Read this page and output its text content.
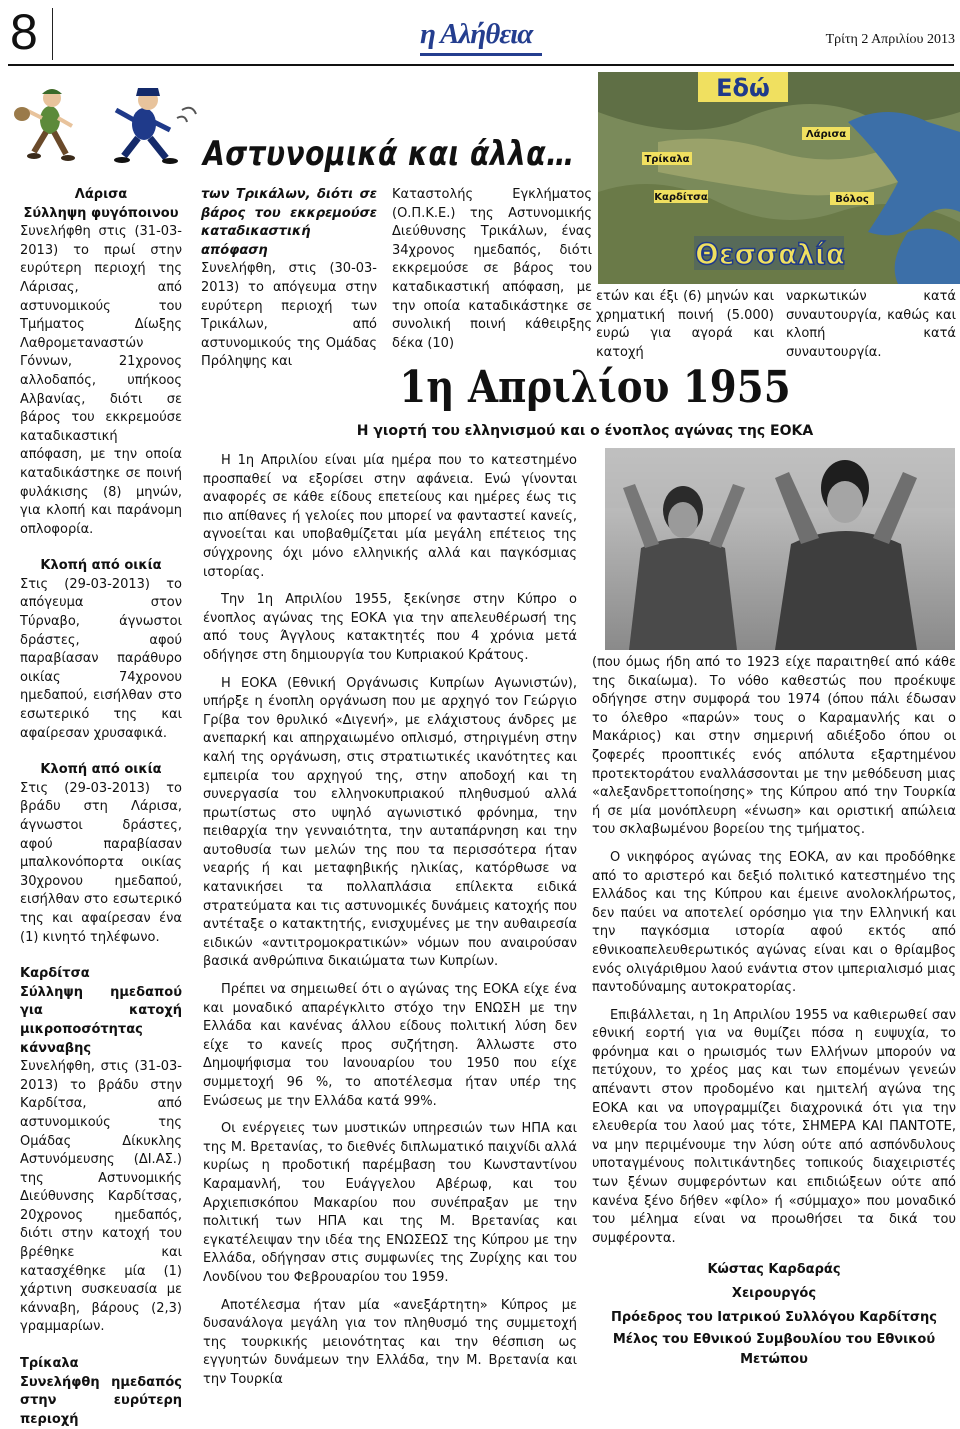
8	η Αλήθεια	Τρίτη 2 Απριλίου 2013
Αστυνομικά και άλλα…
Εδώ
Τρίκαλα
Λάρισα
Καρδίτσα	Βόλος
Θεσσαλία

Λάρισα

Σύλληψη φυγόποινου

Συνελήφθη στις (31-03-2013) το πρωί στην ευρύτερη περιοχή της Λάρισας, από αστυνομικούς του Τμήματος Δίωξης Λαθρομεταναστών Γόννων, 21χρονος αλλοδαπός, υπήκοος Αλβανίας, διότι σε βάρος του εκκρεμούσε καταδικαστική απόφαση, με την οποία καταδικάστηκε σε ποινή φυλάκισης (8) μηνών, για κλοπή και παράνομη οπλοφορία.

Κλοπή από οικία

Στις (29-03-2013) το απόγευμα στον Τύρναβο, άγνωστοι δράστες, αφού παραβίασαν παράθυρο οικίας 74χρονου ημεδαπού, εισήλθαν στο εσωτερικό της και αφαίρεσαν χρυσαφικά.

Κλοπή από οικία

Στις (29-03-2013) το βράδυ στη Λάρισα, άγνωστοι δράστες, αφού παραβίασαν μπαλκονόπορτα οικίας 30χρονου ημεδαπού, εισήλθαν στο εσωτερικό της και αφαίρεσαν ένα (1) κινητό τηλέφωνο.

Καρδίτσα

Σύλληψη ημεδαπού για κατοχή μικροποσότητας κάνναβης

Συνελήφθη, στις (31-03-2013) το βράδυ στην Καρδίτσα, από αστυνομικούς της Ομάδας Δίκυκλης Αστυνόμευσης (ΔΙ.ΑΣ.) της Αστυνομικής Διεύθυνσης Καρδίτσας, 20χρονος ημεδαπός, διότι στην κατοχή του βρέθηκε και κατασχέθηκε μία (1) χάρτινη συσκευασία με κάνναβη, βάρους (2,3) γραμμαρίων.

Τρίκαλα

Συνελήφθη ημεδαπός στην ευρύτερη περιοχή

των Τρικάλων, διότι σε βάρος του εκκρεμούσε καταδικαστική απόφαση

Συνελήφθη, στις (30-03-2013) το απόγευμα στην ευρύτερη περιοχή των Τρικάλων, από αστυνομικούς της Ομάδας Πρόληψης και

Καταστολής Εγκλήματος (Ο.Π.Κ.Ε.) της Αστυνομικής Διεύθυνσης Τρικάλων, ένας 34χρονος ημεδαπός, διότι εκκρεμούσε σε βάρος του καταδικαστική απόφαση, με την οποία καταδικάστηκε σε συνολική ποινή κάθειρξης δέκα (10)

ετών και έξι (6) μηνών και χρηματική ποινή (5.000) ευρώ για αγορά και κατοχή

ναρκωτικών κατά συναυτουργία, καθώς και κλοπή κατά συναυτουργία.

1η Απριλίου 1955
Η γιορτή του ελληνισμού και ο ένοπλος αγώνας της ΕΟΚΑ

Η 1η Απριλίου είναι μία ημέρα που το κατεστημένο προσπαθεί να εξορίσει στην αφάνεια. Ενώ γίνονται αναφορές σε κάθε είδους επετείους και ημέρες έως τις πιο απίθανες ή γελοίες που μπορεί να φανταστεί κανείς, αγνοείται και υποβαθμίζεται μία μεγάλη επέτειος της σύγχρονης όχι μόνο ελληνικής αλλά και παγκόσμιας ιστορίας.

Την 1η Απριλίου 1955, ξεκίνησε στην Κύπρο ο ένοπλος αγώνας της ΕΟΚΑ για την απελευθέρωσή της από τους Άγγλους κατακτητές που 4 χρόνια μετά οδήγησε στη δημιουργία του Κυπριακού Κράτους.

Η ΕΟΚΑ (Εθνική Οργάνωσις Κυπρίων Αγωνιστών), υπήρξε η ένοπλη οργάνωση που με αρχηγό τον Γεώργιο Γρίβα τον θρυλικό «Διγενή», με ελάχιστους άνδρες με ανεπαρκή και απηρχαιωμένο οπλισμό, στηριγμένη στην καλή της οργάνωση, στις στρατιωτικές ικανότητες και εμπειρία του αρχηγού της, στην αποδοχή και τη συνεργασία του ελληνοκυπριακού πληθυσμού αλλά πρωτίστως στο υψηλό αγωνιστικό φρόνημα, την πειθαρχία την γενναιότητα, την αυταπάρνηση και την αυτοθυσία των μελών της που τα περισσότερα ήταν νεαρής ή και μεταφηβικής ηλικίας, κατόρθωσε να κατανικήσει τα πολλαπλάσια επίλεκτα ειδικά στρατεύματα και τις αστυνομικές δυνάμεις κατοχής που αντέταξε ο κατακτητής, ενισχυμένες με την αυθαιρεσία ειδικών «αντιτρομοκρατικών» νόμων που αναιρούσαν βασικά ανθρώπινα δικαιώματα των Κυπρίων.

Πρέπει να σημειωθεί ότι ο αγώνας της ΕΟΚΑ είχε ένα και μοναδικό απαρέγκλιτο στόχο την ΕΝΩΣΗ με την Ελλάδα και κανένας άλλου είδους πολιτική λύση δεν είχε το κανείς προς συζήτηση. Άλλωστε στο Δημοψήφισμα του Ιανουαρίου του 1950 που είχε συμμετοχή 96 %, το αποτέλεσμα ήταν υπέρ της Ενώσεως με την Ελλάδα κατά 99%.

Οι ενέργειες των μυστικών υπηρεσιών των ΗΠΑ και της Μ. Βρετανίας, το διεθνές διπλωματικό παιχνίδι αλλά κυρίως η προδοτική παρέμβαση του Κωνσταντίνου Καραμανλή, του Ευάγγελου Αβέρωφ, και του Αρχιεπισκόπου Μακαρίου που συνέπραξαν με την πολιτική των ΗΠΑ και της Μ. Βρετανίας και εγκατέλειψαν την ιδέα της ΕΝΩΣΕΩΣ της Κύπρου με την Ελλάδα, οδήγησαν στις συμφωνίες της Ζυρίχης και του Λονδίνου του Φεβρουαρίου του 1959.

Αποτέλεσμα ήταν μία «ανεξάρτητη» Κύπρος με δυσανάλογα μεγάλη για τον πληθυσμό της συμμετοχή της τουρκικής μειονότητας και την θέσπιση ως εγγυητών δυνάμεων την Ελλάδα, την Μ. Βρετανία και την Τουρκία

(που όμως ήδη από το 1923 είχε παραιτηθεί από κάθε της δικαίωμα). Το νόθο καθεστώς που προέκυψε οδήγησε στην συμφορά του 1974 (όπου πάλι έδωσαν το όλεθρο «παρών» τους ο Καραμανλής και ο Μακάριος) και στην σημερινή αδιέξοδο όπου οι ζοφερές προοπτικές ενός απόλυτα εξαρτημένου προτεκτοράτου εναλλάσσονται με την μεθόδευση μιας «αλεξανδρεττοποίησης» της Κύπρου από την Τουρκία ή σε μία μονόπλευρη «ένωση» και οριστική απώλεια του σκλαβωμένου βορείου της τμήματος.

Ο νικηφόρος αγώνας της ΕΟΚΑ, αν και προδόθηκε από το αριστερό και δεξιό πολιτικό κατεστημένο της Ελλάδος και της Κύπρου και έμεινε ανολοκλήρωτος, δεν παύει να αποτελεί ορόσημο για την Ελληνική και την παγκόσμια ιστορία αφού εκτός από εθνικοαπελευθερωτικός αγώνας είναι και ο θρίαμβος ενός ολιγάριθμου λαού ενάντια στον ιμπεριαλισμό μιας παντοδύναμης αυτοκρατορίας.

Επιβάλλεται, η 1η Απριλίου 1955 να καθιερωθεί σαν εθνική εορτή για να θυμίζει πόσα η ευψυχία, το φρόνημα και ο ηρωισμός των Ελλήνων μπορούν να πετύχουν, το χρέος μας και των επομένων γενεών απέναντι στον προδομένο και ημιτελή αγώνα της ΕΟΚΑ και να υπογραμμίζει διαχρονικά ότι για την ελευθερία του λαού μας τότε, ΣΗΜΕΡΑ ΚΑΙ ΠΑΝΤΟΤΕ, να μην περιμένουμε την λύση ούτε από ασπόνδυλους υποταγμένους πολιτικάντηδες τοπικούς διαχειριστές των ξένων συμφερόντων και επιδιώξεων ούτε από κανένα ξένο δήθεν «φίλο» ή «σύμμαχο» που μοναδικό του μέλημα είναι να προωθήσει τα δικά του συμφέροντα.

Κώστας Καρδαράς

Χειρουργός

Πρόεδρος του Ιατρικού Συλλόγου Καρδίτσης

Μέλος του Εθνικού Συμβουλίου του Εθνικού Μετώπου
